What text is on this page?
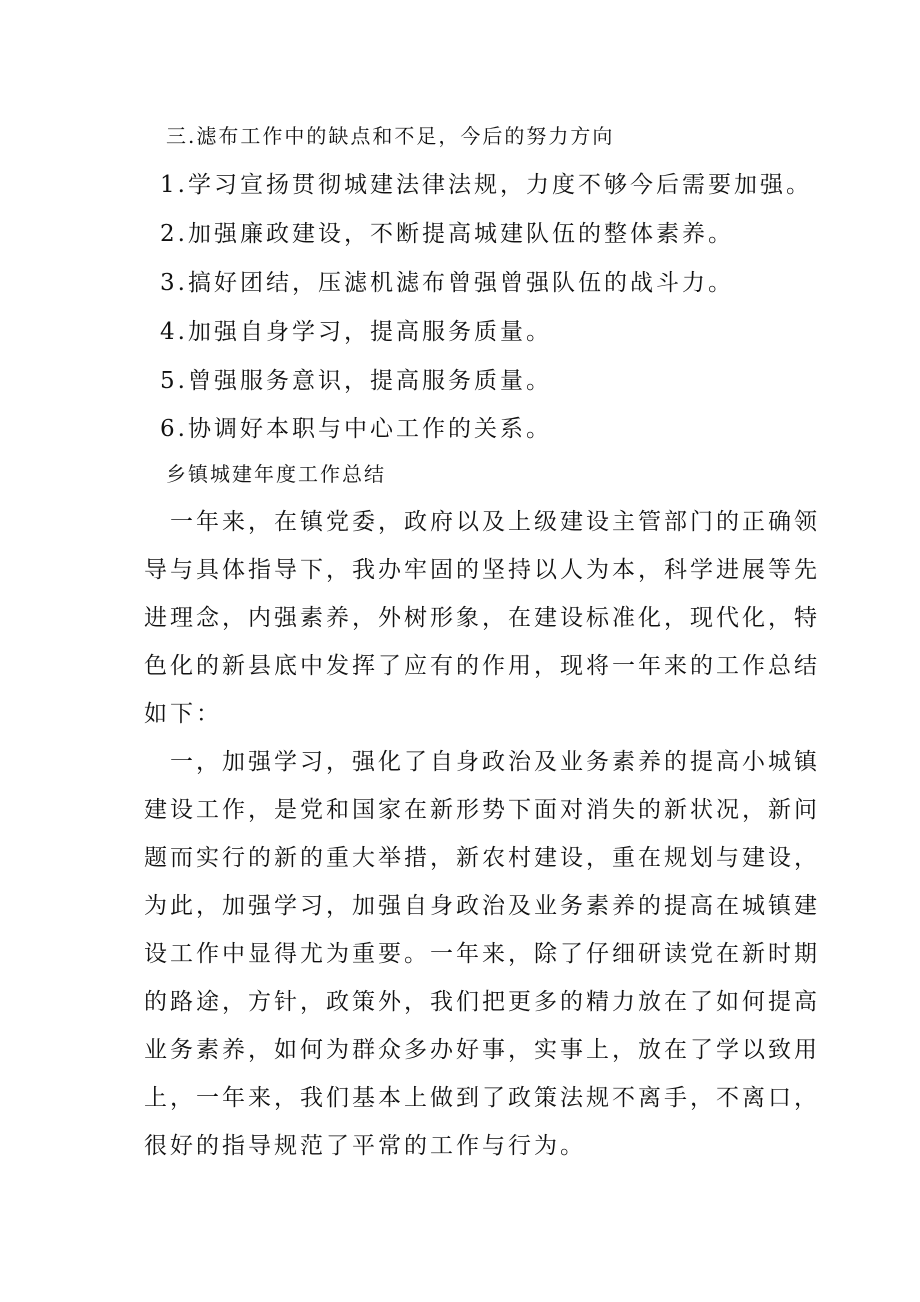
三.滤布工作中的缺点和不足，今后的努力方向
1.学习宣扬贯彻城建法律法规，力度不够今后需要加强。
2.加强廉政建设，不断提高城建队伍的整体素养。
3.搞好团结，压滤机滤布曾强曾强队伍的战斗力。
4.加强自身学习，提高服务质量。
5.曾强服务意识，提高服务质量。
6.协调好本职与中心工作的关系。
乡镇城建年度工作总结
一年来，在镇党委，政府以及上级建设主管部门的正确领
导与具体指导下，我办牢固的坚持以人为本，科学进展等先
进理念，内强素养，外树形象，在建设标准化，现代化，特
色化的新县底中发挥了应有的作用，现将一年来的工作总结
如下：
一，加强学习，强化了自身政治及业务素养的提高小城镇
建设工作，是党和国家在新形势下面对消失的新状况，新问
题而实行的新的重大举措，新农村建设，重在规划与建设，
为此，加强学习，加强自身政治及业务素养的提高在城镇建
设工作中显得尤为重要。一年来，除了仔细研读党在新时期
的路途，方针，政策外，我们把更多的精力放在了如何提高
业务素养，如何为群众多办好事，实事上，放在了学以致用
上，一年来，我们基本上做到了政策法规不离手，不离口，
很好的指导规范了平常的工作与行为。
